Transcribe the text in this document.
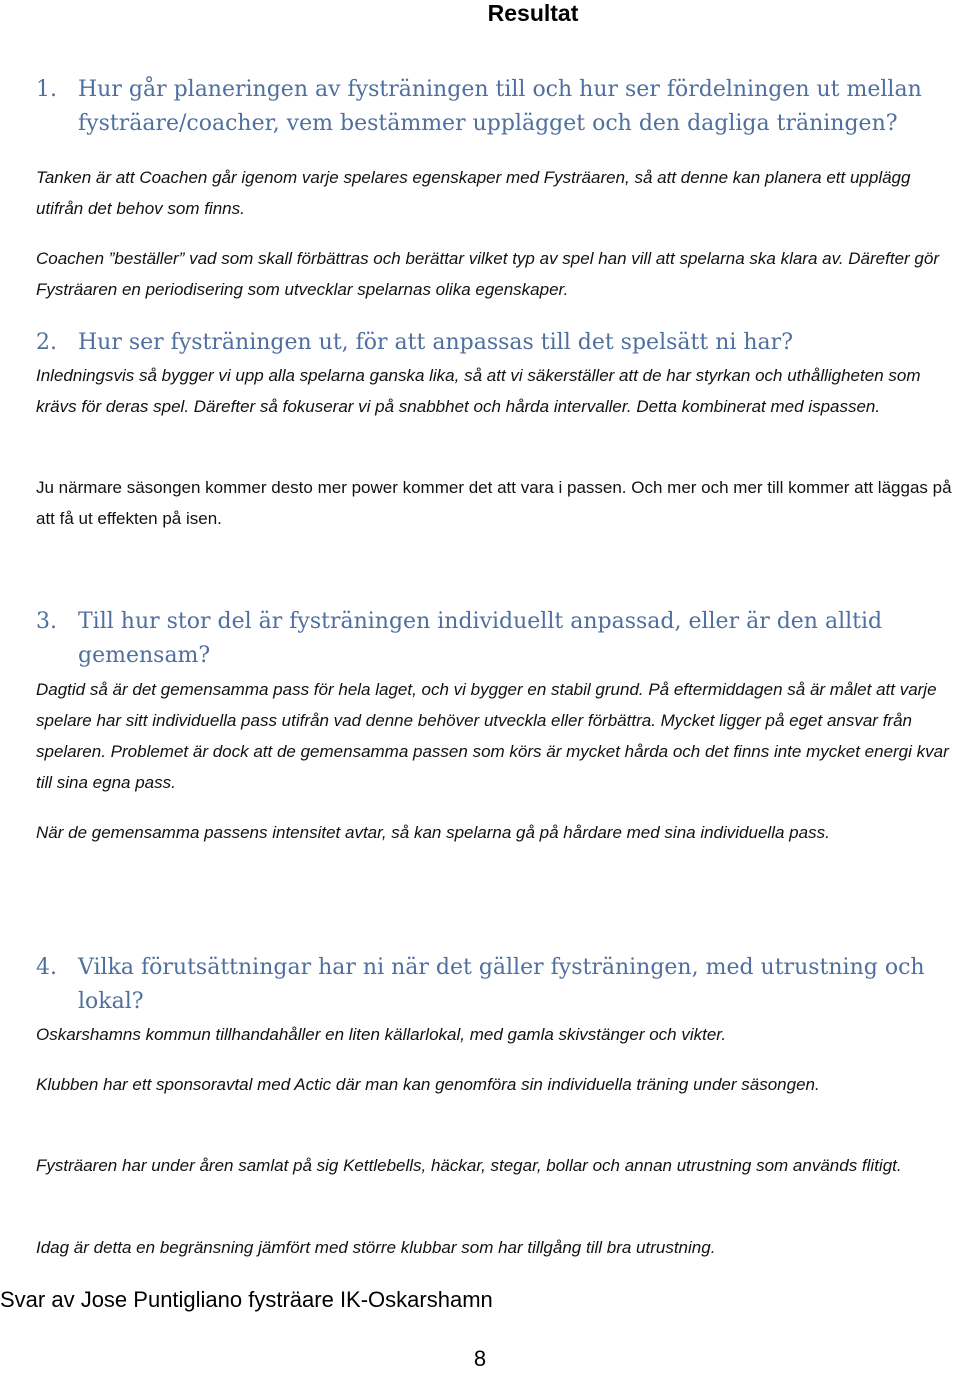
Resultat
1. Hur går planeringen av fysträningen till och hur ser fördelningen ut mellan fysträare/coacher, vem bestämmer upplägget och den dagliga träningen?
Tanken är att Coachen går igenom varje spelares egenskaper med Fysträaren, så att denne kan planera ett upplägg utifrån det behov som finns.
Coachen ”beställer” vad som skall förbättras och berättar vilket typ av spel han vill att spelarna ska klara av. Därefter gör Fysträaren en periodisering som utvecklar spelarnas olika egenskaper.
2. Hur ser fysträningen ut, för att anpassas till det spelsätt ni har?
Inledningsvis så bygger vi upp alla spelarna ganska lika, så att vi säkerställer att de har styrkan och uthålligheten som krävs för deras spel. Därefter så fokuserar vi på snabbhet och hårda intervaller. Detta kombinerat med ispassen.
Ju närmare säsongen kommer desto mer power kommer det att vara i passen. Och mer och mer till kommer att läggas på att få ut effekten på isen.
3. Till hur stor del är fysträningen individuellt anpassad, eller är den alltid gemensam?
Dagtid så är det gemensamma pass för hela laget, och vi bygger en stabil grund. På eftermiddagen så är målet att varje spelare har sitt individuella pass utifrån vad denne behöver utveckla eller förbättra. Mycket ligger på eget ansvar från spelaren. Problemet är dock att de gemensamma passen som körs är mycket hårda och det finns inte mycket energi kvar till sina egna pass.
När de gemensamma passens intensitet avtar, så kan spelarna gå på hårdare med sina individuella pass.
4. Vilka förutsättningar har ni när det gäller fysträningen, med utrustning och lokal?
Oskarshamns kommun tillhandahåller en liten källarlokal, med gamla skivstänger och vikter.
Klubben har ett sponsoravtal med Actic där man kan genomföra sin individuella träning under säsongen.
Fysträaren har under åren samlat på sig Kettlebells, häckar, stegar, bollar och annan utrustning som används flitigt.
Idag är detta en begränsning jämfört med större klubbar som har tillgång till bra utrustning.
Svar av Jose Puntigliano fysträare IK-Oskarshamn
8
